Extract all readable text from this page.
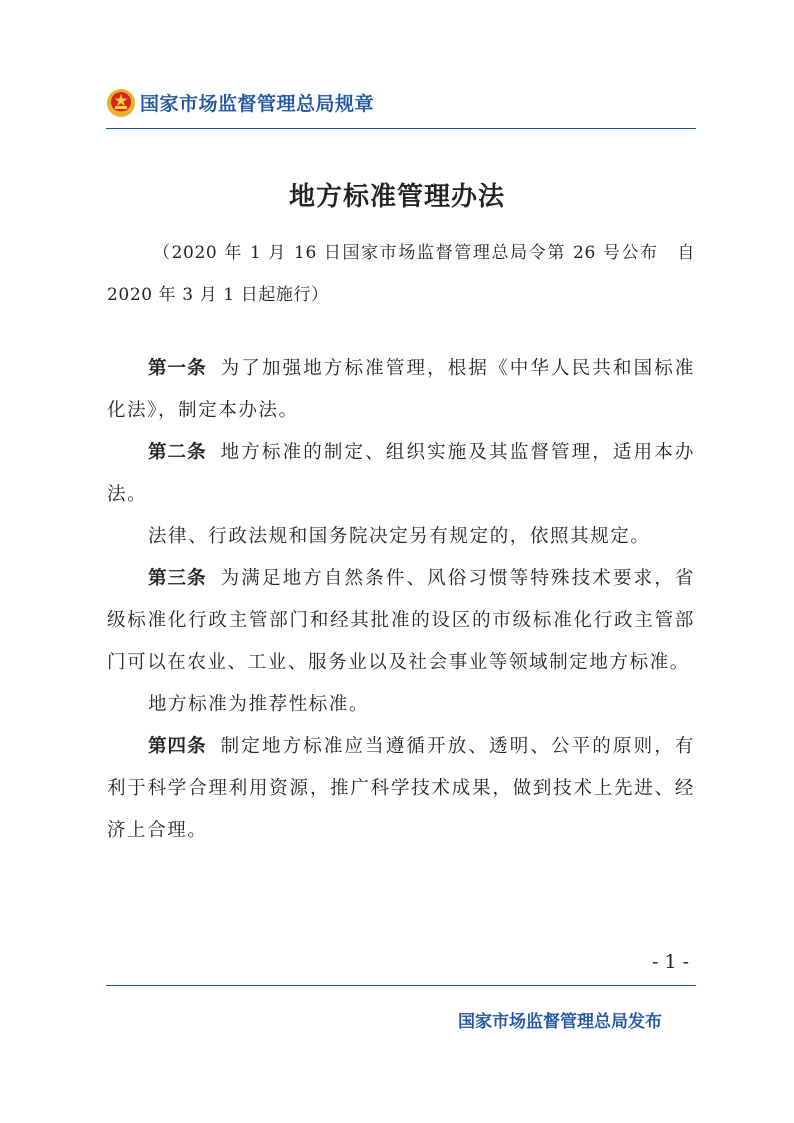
国家市场监督管理总局规章
地方标准管理办法
（2020 年 1 月 16 日国家市场监督管理总局令第 26 号公布　自 2020 年 3 月 1 日起施行）

第一条 为了加强地方标准管理，根据《中华人民共和国标准化法》，制定本办法。

第二条 地方标准的制定、组织实施及其监督管理，适用本办法。

法律、行政法规和国务院决定另有规定的，依照其规定。

第三条 为满足地方自然条件、风俗习惯等特殊技术要求，省级标准化行政主管部门和经其批准的设区的市级标准化行政主管部门可以在农业、工业、服务业以及社会事业等领域制定地方标准。

地方标准为推荐性标准。

第四条 制定地方标准应当遵循开放、透明、公平的原则，有利于科学合理利用资源，推广科学技术成果，做到技术上先进、经济上合理。

- 1 -
国家市场监督管理总局发布
